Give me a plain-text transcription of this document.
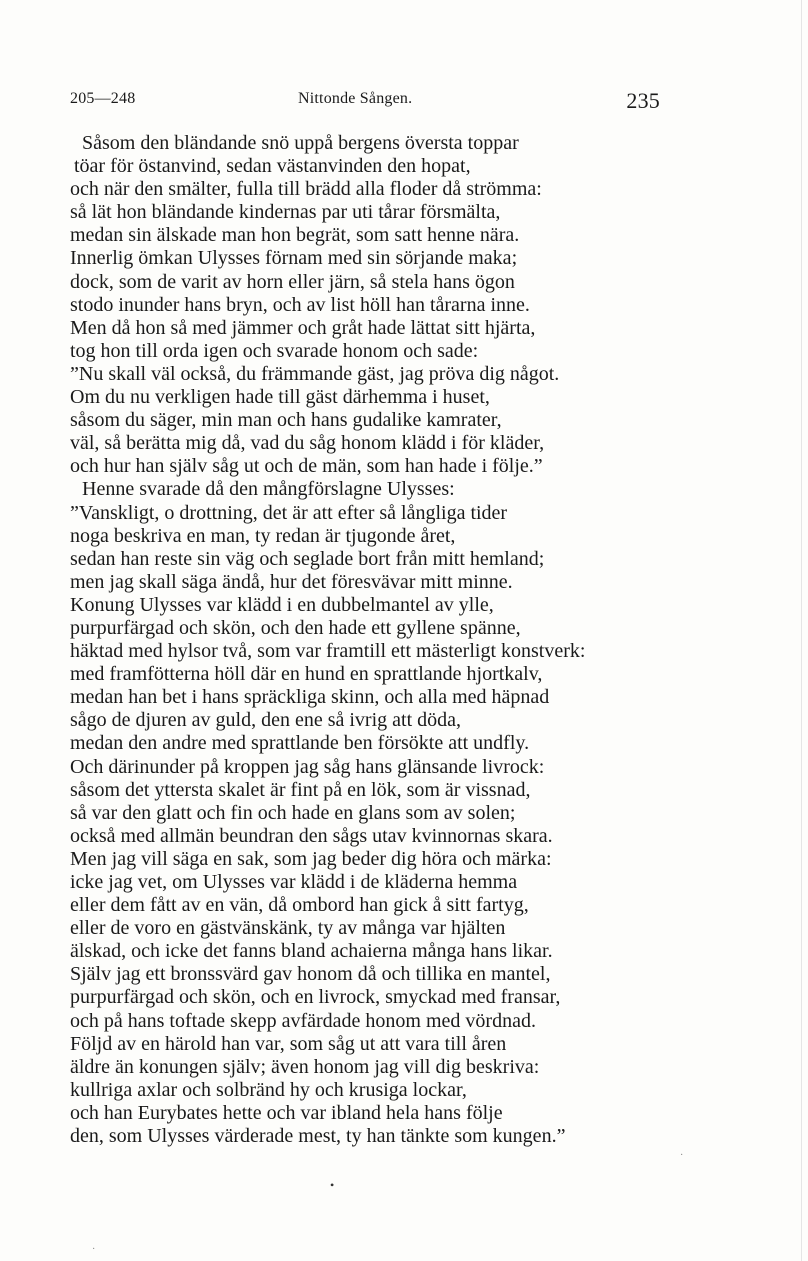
205—248	Nittonde Sången.	235
Såsom den bländande snö uppå bergens översta toppar
töar för östanvind, sedan västanvinden den hopat,
och när den smälter, fulla till brädd alla floder då strömma:
så lät hon bländande kindernas par uti tårar försmälta,
medan sin älskade man hon begrät, som satt henne nära.
Innerlig ömkan Ulysses förnam med sin sörjande maka;
dock, som de varit av horn eller järn, så stela hans ögon
stodo inunder hans bryn, och av list höll han tårarna inne.
Men då hon så med jämmer och gråt hade lättat sitt hjärta,
tog hon till orda igen och svarade honom och sade:
”Nu skall väl också, du främmande gäst, jag pröva dig något.
Om du nu verkligen hade till gäst därhemma i huset,
såsom du säger, min man och hans gudalike kamrater,
väl, så berätta mig då, vad du såg honom klädd i för kläder,
och hur han själv såg ut och de män, som han hade i följe.”
Henne svarade då den mångförslagne Ulysses:
”Vanskligt, o drottning, det är att efter så långliga tider
noga beskriva en man, ty redan är tjugonde året,
sedan han reste sin väg och seglade bort från mitt hemland;
men jag skall säga ändå, hur det föresvävar mitt minne.
Konung Ulysses var klädd i en dubbelmantel av ylle,
purpurfärgad och skön, och den hade ett gyllene spänne,
häktad med hylsor två, som var framtill ett mästerligt konstverk:
med framfötterna höll där en hund en sprattlande hjortkalv,
medan han bet i hans spräckliga skinn, och alla med häpnad
sågo de djuren av guld, den ene så ivrig att döda,
medan den andre med sprattlande ben försökte att undfly.
Och därinunder på kroppen jag såg hans glänsande livrock:
såsom det yttersta skalet är fint på en lök, som är vissnad,
så var den glatt och fin och hade en glans som av solen;
också med allmän beundran den sågs utav kvinnornas skara.
Men jag vill säga en sak, som jag beder dig höra och märka:
icke jag vet, om Ulysses var klädd i de kläderna hemma
eller dem fått av en vän, då ombord han gick å sitt fartyg,
eller de voro en gästvänskänk, ty av många var hjälten
älskad, och icke det fanns bland achaierna många hans likar.
Själv jag ett bronssvärd gav honom då och tillika en mantel,
purpurfärgad och skön, och en livrock, smyckad med fransar,
och på hans toftade skepp avfärdade honom med vördnad.
Följd av en härold han var, som såg ut att vara till åren
äldre än konungen själv; även honom jag vill dig beskriva:
kullriga axlar och solbränd hy och krusiga lockar,
och han Eurybates hette och var ibland hela hans följe
den, som Ulysses värderade mest, ty han tänkte som kungen.”
•
·
·
